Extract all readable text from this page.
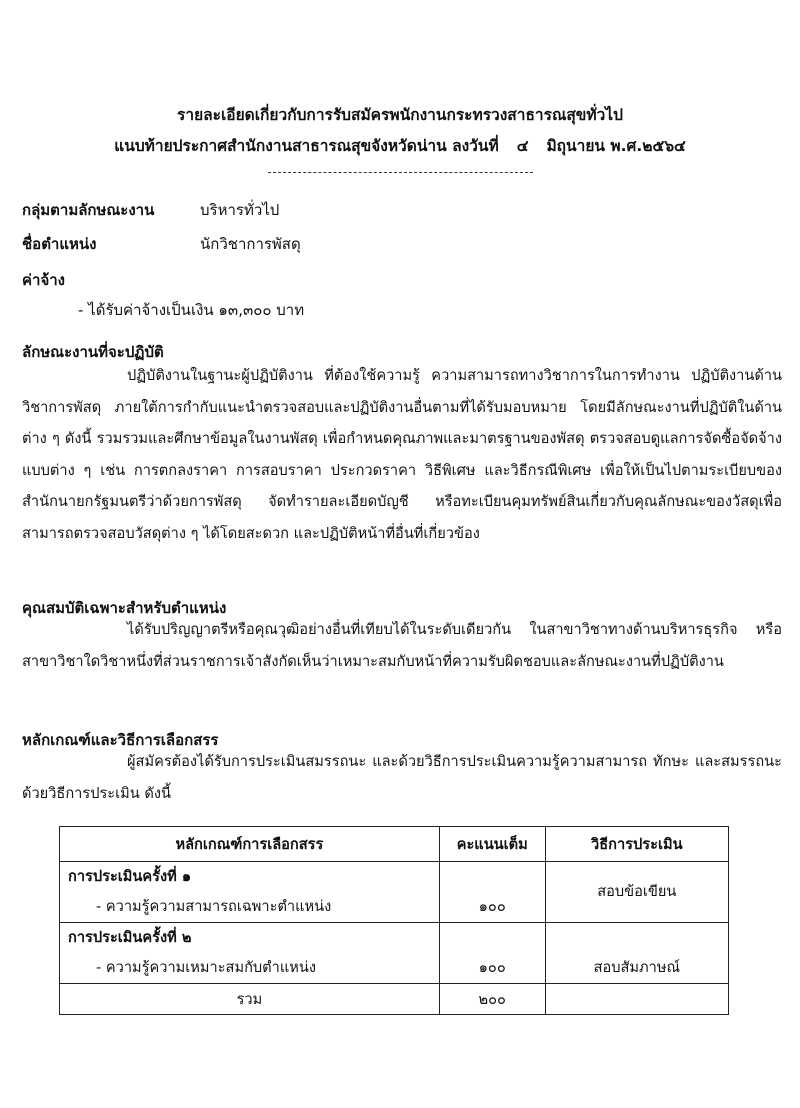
รายละเอียดเกี่ยวกับการรับสมัครพนักงานกระทรวงสาธารณสุขทั่วไป
แนบท้ายประกาศสำนักงานสาธารณสุขจังหวัดน่าน ลงวันที่ ๔ มิถุนายน พ.ศ.๒๕๖๔
กลุ่มตามลักษณะงาน	บริหารทั่วไป
ชื่อตำแหน่ง	นักวิชาการพัสดุ
ค่าจ้าง
- ได้รับค่าจ้างเป็นเงิน ๑๓,๓๐๐ บาท
ลักษณะงานที่จะปฏิบัติ
ปฏิบัติงานในฐานะผู้ปฏิบัติงาน ที่ต้องใช้ความรู้ ความสามารถทางวิชาการในการทำงาน ปฏิบัติงานด้านวิชาการพัสดุ ภายใต้การกำกับแนะนำตรวจสอบและปฏิบัติงานอื่นตามที่ได้รับมอบหมาย โดยมีลักษณะงานที่ปฏิบัติในด้านต่าง ๆ ดังนี้ รวมรวมและศึกษาข้อมูลในงานพัสดุ เพื่อกำหนดคุณภาพและมาตรฐานของพัสดุ ตรวจสอบดูแลการจัดซื้อจัดจ้างแบบต่าง ๆ เช่น การตกลงราคา การสอบราคา ประกวดราคา วิธีพิเศษ และวิธีกรณีพิเศษ เพื่อให้เป็นไปตามระเบียบของสำนักนายกรัฐมนตรีว่าด้วยการพัสดุ จัดทำรายละเอียดบัญชี หรือทะเบียนคุมทรัพย์สินเกี่ยวกับคุณลักษณะของวัสดุเพื่อสามารถตรวจสอบวัสดุต่าง ๆ ได้โดยสะดวก และปฏิบัติหน้าที่อื่นที่เกี่ยวข้อง
คุณสมบัติเฉพาะสำหรับตำแหน่ง
ได้รับปริญญาตรีหรือคุณวุฒิอย่างอื่นที่เทียบได้ในระดับเดียวกัน ในสาขาวิชาทางด้านบริหารธุรกิจ หรือสาขาวิชาใดวิชาหนึ่งที่ส่วนราชการเจ้าสังกัดเห็นว่าเหมาะสมกับหน้าที่ความรับผิดชอบและลักษณะงานที่ปฏิบัติงาน
หลักเกณฑ์และวิธีการเลือกสรร
ผู้สมัครต้องได้รับการประเมินสมรรถนะ และด้วยวิธีการประเมินความรู้ความสามารถ ทักษะ และสมรรถนะ ด้วยวิธีการประเมิน ดังนี้
หลักเกณฑ์การเลือกสรร	คะแนนเต็ม	วิธีการประเมิน

การประเมินครั้งที่ ๑
- ความรู้ความสามารถเฉพาะตำแหน่ง	๑๐๐	สอบข้อเขียน

การประเมินครั้งที่ ๒
- ความรู้ความเหมาะสมกับตำแหน่ง	๑๐๐	สอบสัมภาษณ์

รวม	๒๐๐	
